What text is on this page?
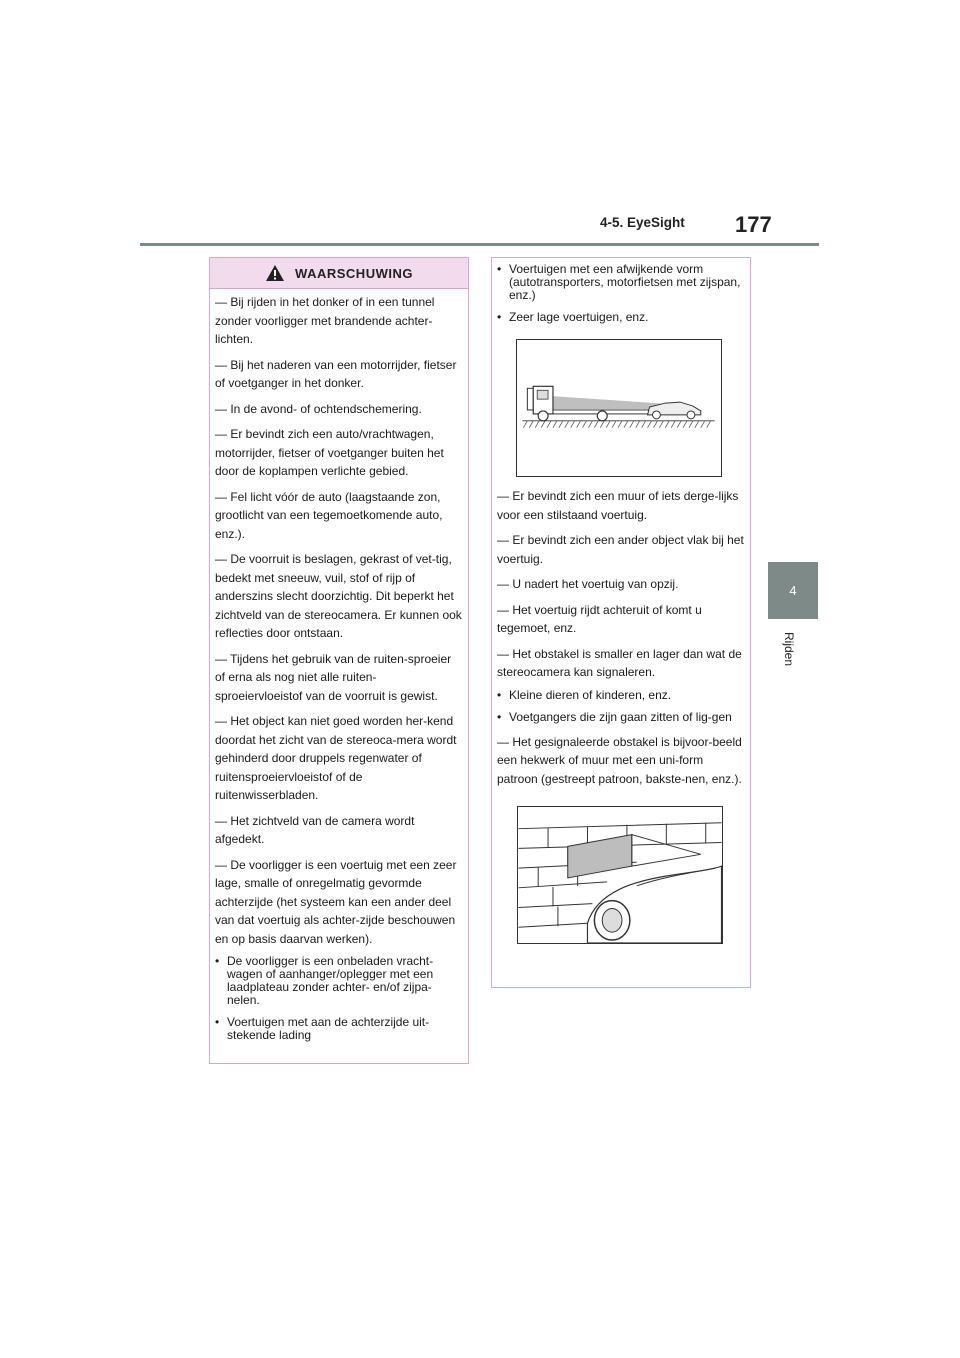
4-5. EyeSight 177
4
Rijden
WAARSCHUWING

— Bij rijden in het donker of in een tunnel zonder voorligger met brandende achter-lichten.

— Bij het naderen van een motorrijder, fietser of voetganger in het donker.

— In de avond- of ochtendschemering.

— Er bevindt zich een auto/vrachtwagen, motorrijder, fietser of voetganger buiten het door de koplampen verlichte gebied.

— Fel licht vóór de auto (laagstaande zon, grootlicht van een tegemoetkomende auto, enz.).

— De voorruit is beslagen, gekrast of vet-tig, bedekt met sneeuw, vuil, stof of rijp of anderszins slecht doorzichtig. Dit beperkt het zichtveld van de stereocamera. Er kunnen ook reflecties door ontstaan.

— Tijdens het gebruik van de ruiten-sproeier of erna als nog niet alle ruiten-sproeiervloeistof van de voorruit is gewist.

— Het object kan niet goed worden her-kend doordat het zicht van de stereoca-mera wordt gehinderd door druppels regenwater of ruitensproeiervloeistof of de ruitenwisserbladen.

— Het zichtveld van de camera wordt afgedekt.

— De voorligger is een voertuig met een zeer lage, smalle of onregelmatig gevormde achterzijde (het systeem kan een ander deel van dat voertuig als achter-zijde beschouwen en op basis daarvan werken).

• De voorligger is een onbeladen vracht-wagen of aanhanger/oplegger met een laadplateau zonder achter- en/of zijpa-nelen.

• Voertuigen met aan de achterzijde uit-stekende lading

• Voertuigen met een afwijkende vorm (autotransporters, motorfietsen met zijspan, enz.)

• Zeer lage voertuigen, enz.

— Er bevindt zich een muur of iets derge-lijks voor een stilstaand voertuig.

— Er bevindt zich een ander object vlak bij het voertuig.

— U nadert het voertuig van opzij.

— Het voertuig rijdt achteruit of komt u tegemoet, enz.

— Het obstakel is smaller en lager dan wat de stereocamera kan signaleren.

• Kleine dieren of kinderen, enz.

• Voetgangers die zijn gaan zitten of lig-gen

— Het gesignaleerde obstakel is bijvoor-beeld een hekwerk of muur met een uni-form patroon (gestreept patroon, bakste-nen, enz.).
